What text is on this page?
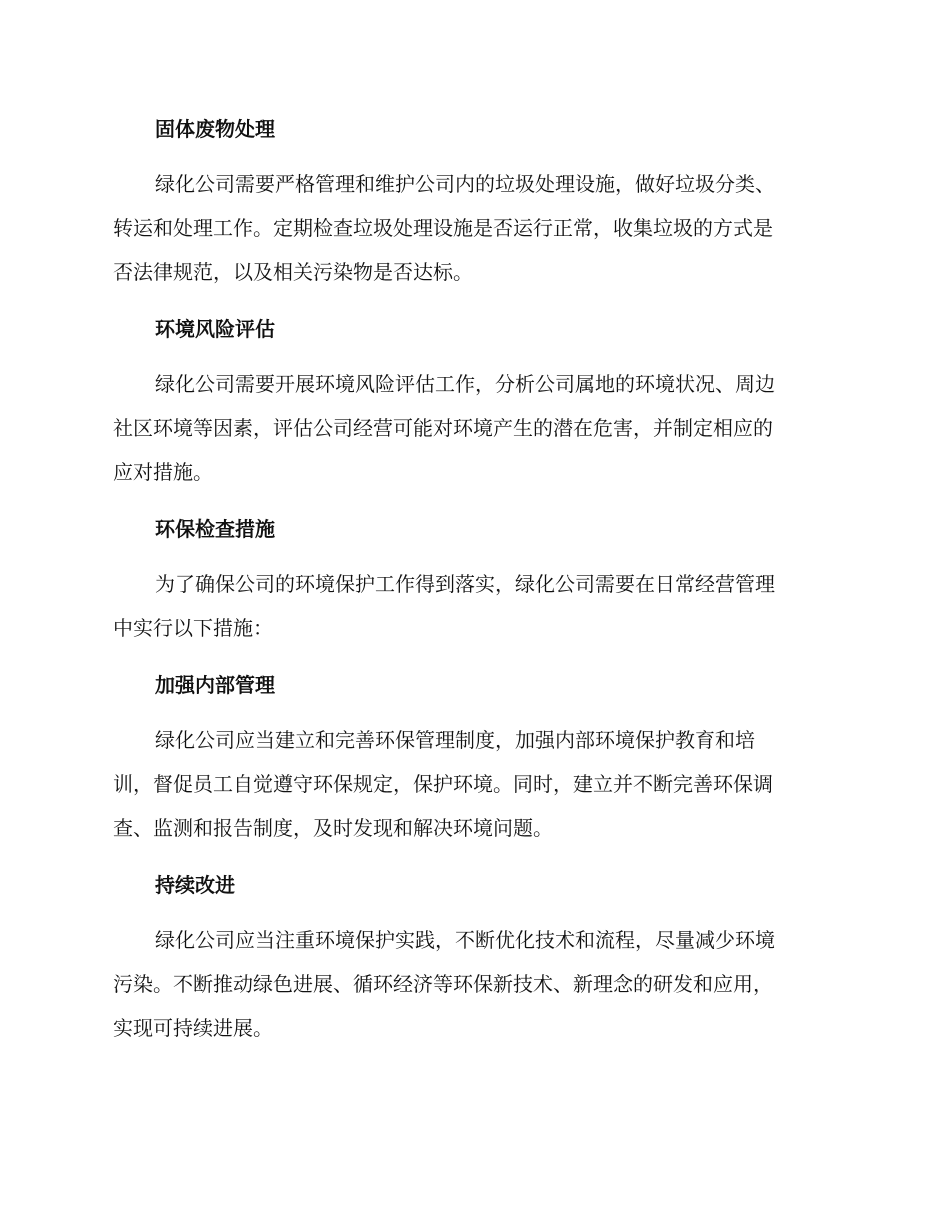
固体废物处理

绿化公司需要严格管理和维护公司内的垃圾处理设施，做好垃圾分类、
转运和处理工作。定期检查垃圾处理设施是否运行正常，收集垃圾的方式是
否法律规范，以及相关污染物是否达标。

环境风险评估

绿化公司需要开展环境风险评估工作，分析公司属地的环境状况、周边
社区环境等因素，评估公司经营可能对环境产生的潜在危害，并制定相应的
应对措施。

环保检查措施

为了确保公司的环境保护工作得到落实，绿化公司需要在日常经营管理
中实行以下措施：

加强内部管理

绿化公司应当建立和完善环保管理制度，加强内部环境保护教育和培
训，督促员工自觉遵守环保规定，保护环境。同时，建立并不断完善环保调
查、监测和报告制度，及时发现和解决环境问题。

持续改进

绿化公司应当注重环境保护实践，不断优化技术和流程，尽量减少环境
污染。不断推动绿色进展、循环经济等环保新技术、新理念的研发和应用，
实现可持续进展。
